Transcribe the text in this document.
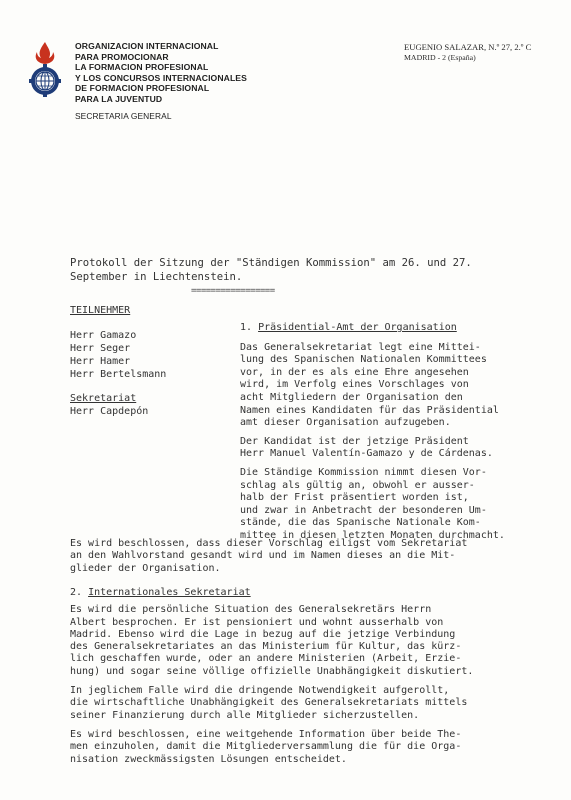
ORGANIZACION INTERNACIONAL
PARA PROMOCIONAR
LA FORMACION PROFESIONAL
Y LOS CONCURSOS INTERNACIONALES
DE FORMACION PROFESIONAL
PARA LA JUVENTUD
SECRETARIA GENERAL
EUGENIO SALAZAR, N.º 27, 2.º C
MADRID - 2 (España)
Protokoll der Sitzung der "Ständigen Kommission" am 26. und 27.
September in Liechtenstein.
=================
TEILNEHMER
Herr Gamazo
Herr Seger
Herr Hamer
Herr Bertelsmann
Sekretariat
Herr Capdepón
1. Präsidential-Amt der Organisation
Das Generalsekretariat legt eine Mittei-
lung des Spanischen Nationalen Kommittees
vor, in der es als eine Ehre angesehen
wird, im Verfolg eines Vorschlages von
acht Mitgliedern der Organisation den
Namen eines Kandidaten für das Präsidential
amt dieser Organisation aufzugeben.
Der Kandidat ist der jetzige Präsident
Herr Manuel Valentín-Gamazo y de Cárdenas.
Die Ständige Kommission nimmt diesen Vor-
schlag als gültig an, obwohl er ausser-
halb der Frist präsentiert worden ist,
und zwar in Anbetracht der besonderen Um-
stände, die das Spanische Nationale Kom-
mittee in diesen letzten Monaten durchmacht.
Es wird beschlossen, dass dieser Vorschlag eiligst vom Sekretariat
an den Wahlvorstand gesandt wird und im Namen dieses an die Mit-
glieder der Organisation.
2. Internationales Sekretariat
Es wird die persönliche Situation des Generalsekretärs Herrn
Albert besprochen. Er ist pensioniert und wohnt ausserhalb von
Madrid. Ebenso wird die Lage in bezug auf die jetzige Verbindung
des Generalsekretariates an das Ministerium für Kultur, das kürz-
lich geschaffen wurde, oder an andere Ministerien (Arbeit, Erzie-
hung) und sogar seine völlige offizielle Unabhängigkeit diskutiert.
In jeglichem Falle wird die dringende Notwendigkeit aufgerollt,
die wirtschaftliche Unabhängigkeit des Generalsekretariats mittels
seiner Finanzierung durch alle Mitglieder sicherzustellen.
Es wird beschlossen, eine weitgehende Information über beide The-
men einzuholen, damit die Mitgliederversammlung die für die Orga-
nisation zweckmässigsten Lösungen entscheidet.
